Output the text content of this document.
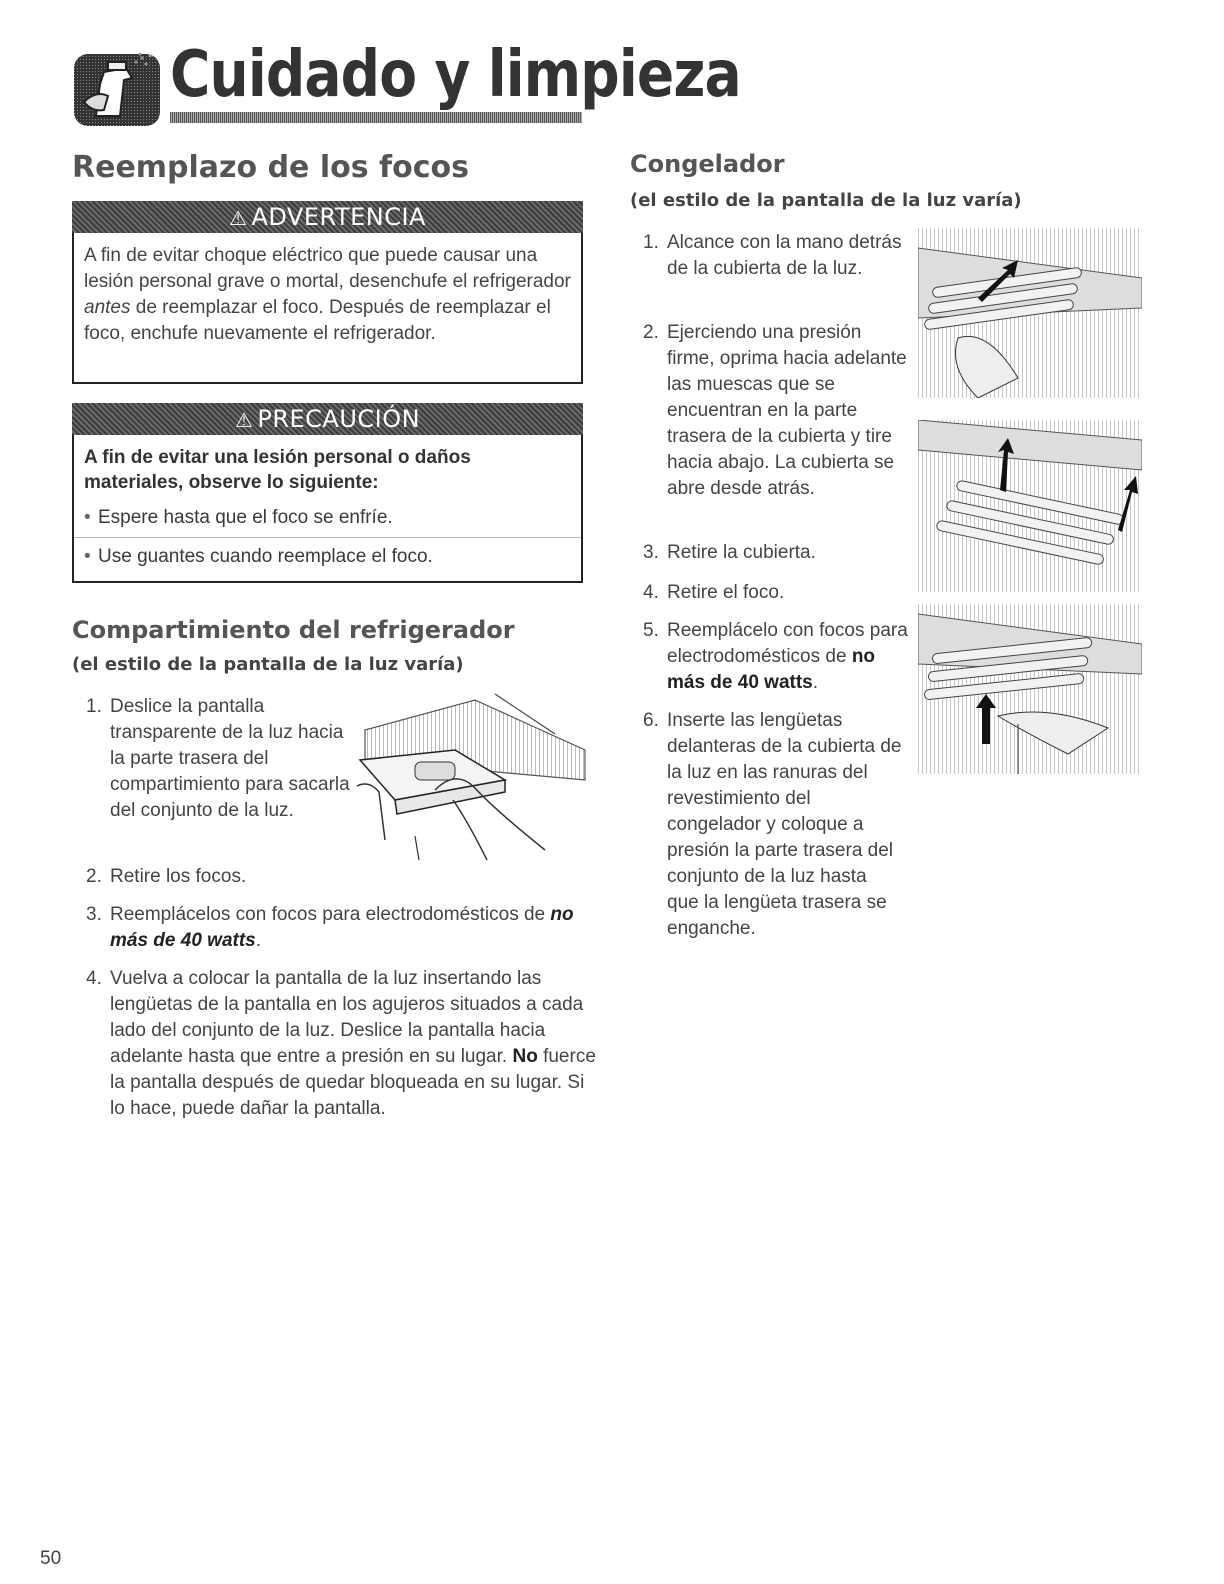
Cuidado y limpieza
Reemplazo de los focos
⚠ ADVERTENCIA
A fin de evitar choque eléctrico que puede causar una lesión personal grave o mortal, desenchufe el refrigerador antes de reemplazar el foco. Después de reemplazar el foco, enchufe nuevamente el refrigerador.
⚠ PRECAUCIÓN
A fin de evitar una lesión personal o daños materiales, observe lo siguiente:
• Espere hasta que el foco se enfríe.
• Use guantes cuando reemplace el foco.
Compartimiento del refrigerador
(el estilo de la pantalla de la luz varía)
1. Deslice la pantalla transparente de la luz hacia la parte trasera del compartimiento para sacarla del conjunto de la luz.
2. Retire los focos.
3. Reemplácelos con focos para electrodomésticos de no más de 40 watts.
4. Vuelva a colocar la pantalla de la luz insertando las lengüetas de la pantalla en los agujeros situados a cada lado del conjunto de la luz. Deslice la pantalla hacia adelante hasta que entre a presión en su lugar. No fuerce la pantalla después de quedar bloqueada en su lugar. Si lo hace, puede dañar la pantalla.
Congelador
(el estilo de la pantalla de la luz varía)
1. Alcance con la mano detrás de la cubierta de la luz.
2. Ejerciendo una presión firme, oprima hacia adelante las muescas que se encuentran en la parte trasera de la cubierta y tire hacia abajo. La cubierta se abre desde atrás.
3. Retire la cubierta.
4. Retire el foco.
5. Reemplácelo con focos para electrodomésticos de no más de 40 watts.
6. Inserte las lengüetas delanteras de la cubierta de la luz en las ranuras del revestimiento del congelador y coloque a presión la parte trasera del conjunto de la luz hasta que la lengüeta trasera se enganche.
50
